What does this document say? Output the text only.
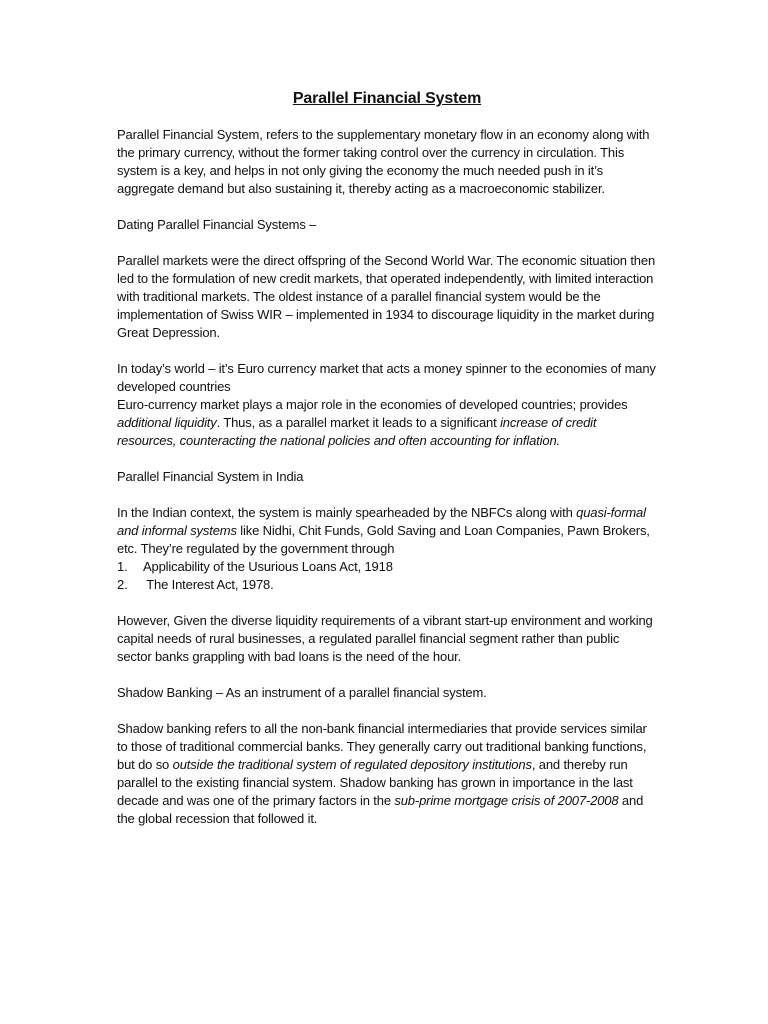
Parallel Financial System

Parallel Financial System, refers to the supplementary monetary flow in an economy along with the primary currency, without the former taking control over the currency in circulation. This system is a key, and helps in not only giving the economy the much needed push in it’s aggregate demand but also sustaining it, thereby acting as a macroeconomic stabilizer.

Dating Parallel Financial Systems –

Parallel markets were the direct offspring of the Second World War. The economic situation then led to the formulation of new credit markets, that operated independently, with limited interaction with traditional markets. The oldest instance of a parallel financial system would be the implementation of Swiss WIR – implemented in 1934 to discourage liquidity in the market during Great Depression.

In today’s world – it’s Euro currency market that acts a money spinner to the economies of many developed countries
Euro-currency market plays a major role in the economies of developed countries; provides additional liquidity. Thus, as a parallel market it leads to a significant increase of credit resources, counteracting the national policies and often accounting for inflation.

Parallel Financial System in India

In the Indian context, the system is mainly spearheaded by the NBFCs along with quasi-formal and informal systems like Nidhi, Chit Funds, Gold Saving and Loan Companies, Pawn Brokers, etc. They’re regulated by the government through

1.	Applicability of the Usurious Loans Act, 1918
2.	The Interest Act, 1978.

However, Given the diverse liquidity requirements of a vibrant start-up environment and working capital needs of rural businesses, a regulated parallel financial segment rather than public sector banks grappling with bad loans is the need of the hour.

Shadow Banking – As an instrument of a parallel financial system.

Shadow banking refers to all the non-bank financial intermediaries that provide services similar to those of traditional commercial banks. They generally carry out traditional banking functions, but do so outside the traditional system of regulated depository institutions, and thereby run parallel to the existing financial system. Shadow banking has grown in importance in the last decade and was one of the primary factors in the sub-prime mortgage crisis of 2007-2008 and the global recession that followed it.
